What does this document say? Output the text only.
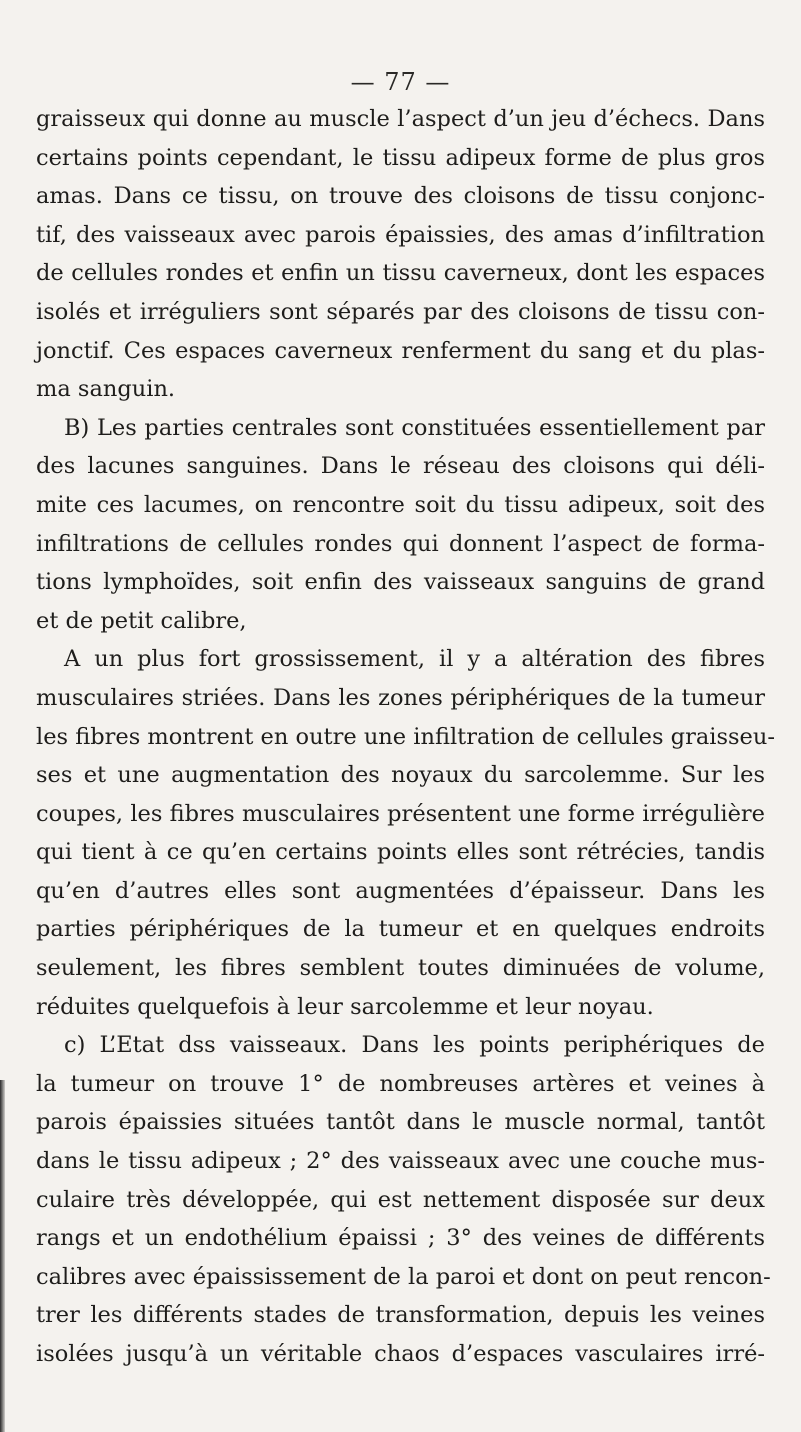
— 77 —
graisseux qui donne au muscle l’aspect d’un jeu d’échecs. Dans
certains points cependant, le tissu adipeux forme de plus gros
amas. Dans ce tissu, on trouve des cloisons de tissu conjonc-
tif, des vaisseaux avec parois épaissies, des amas d’infiltration
de cellules rondes et enfin un tissu caverneux, dont les espaces
isolés et irréguliers sont séparés par des cloisons de tissu con-
jonctif. Ces espaces caverneux renferment du sang et du plas-
ma sanguin.
B) Les parties centrales sont constituées essentiellement par
des lacunes sanguines. Dans le réseau des cloisons qui déli-
mite ces lacumes, on rencontre soit du tissu adipeux, soit des
infiltrations de cellules rondes qui donnent l’aspect de forma-
tions lymphoïdes, soit enfin des vaisseaux sanguins de grand
et de petit calibre,
A un plus fort grossissement, il y a altération des fibres
musculaires striées. Dans les zones périphériques de la tumeur
les fibres montrent en outre une infiltration de cellules graisseu-
ses et une augmentation des noyaux du sarcolemme. Sur les
coupes, les fibres musculaires présentent une forme irrégulière
qui tient à ce qu’en certains points elles sont rétrécies, tandis
qu’en d’autres elles sont augmentées d’épaisseur. Dans les
parties périphériques de la tumeur et en quelques endroits
seulement, les fibres semblent toutes diminuées de volume,
réduites quelquefois à leur sarcolemme et leur noyau.
c) L’Etat dss vaisseaux. Dans les points periphériques de
la tumeur on trouve 1° de nombreuses artères et veines à
parois épaissies situées tantôt dans le muscle normal, tantôt
dans le tissu adipeux ; 2° des vaisseaux avec une couche mus-
culaire très développée, qui est nettement disposée sur deux
rangs et un endothélium épaissi ; 3° des veines de différents
calibres avec épaississement de la paroi et dont on peut rencon-
trer les différents stades de transformation, depuis les veines
isolées jusqu’à un véritable chaos d’espaces vasculaires irré-
